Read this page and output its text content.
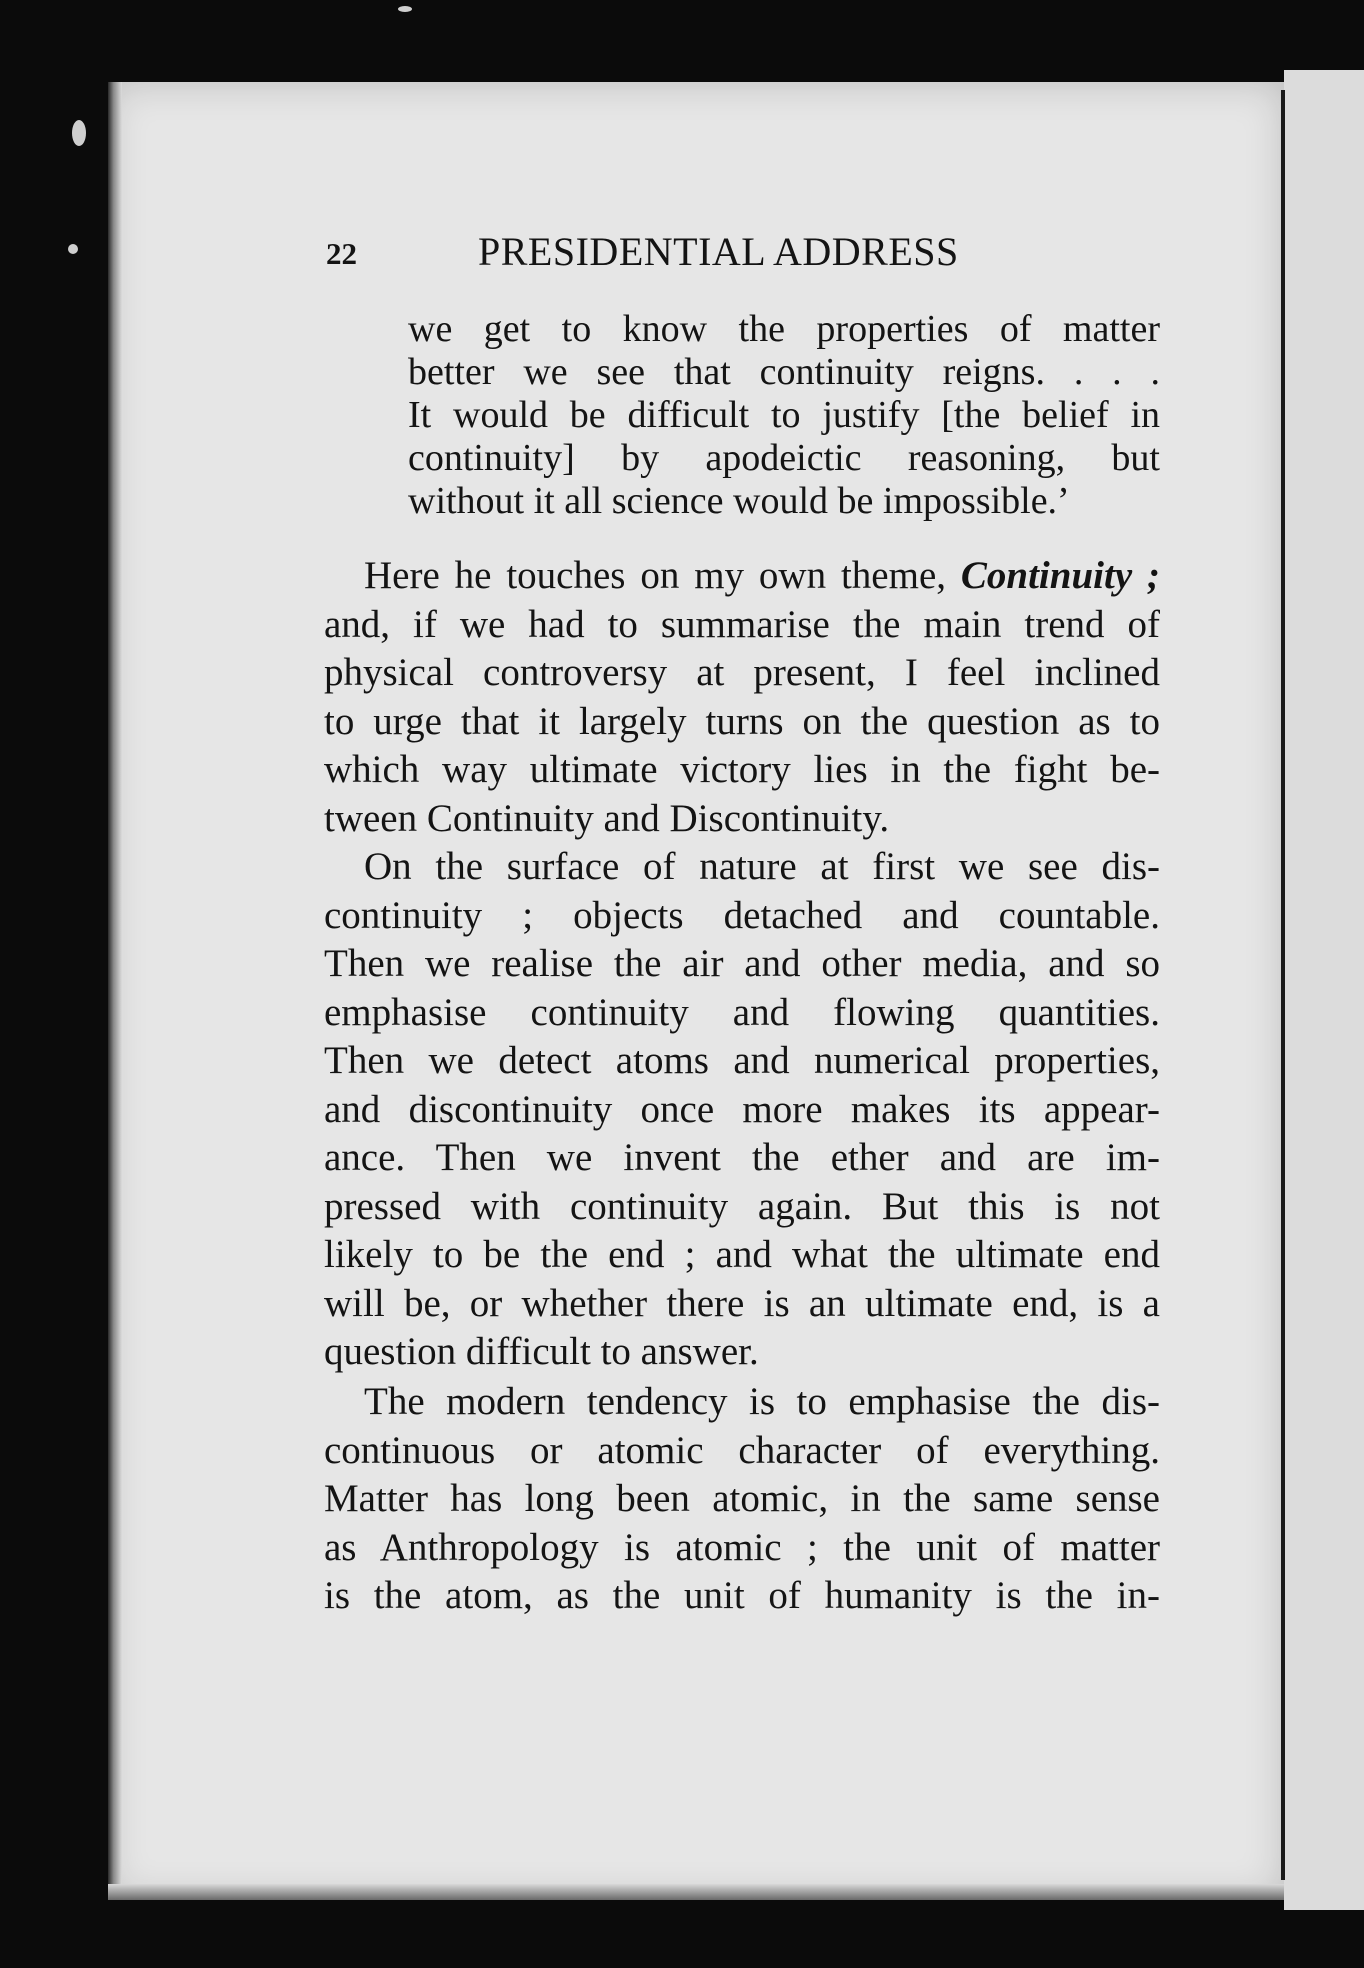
22	PRESIDENTIAL ADDRESS
we get to know the properties of matter
better we see that continuity reigns. . . .
It would be difficult to justify [the belief in
continuity] by apodeictic reasoning, but
without it all science would be impossible.’
Here he touches on my own theme, Continuity ;
and, if we had to summarise the main trend of
physical controversy at present, I feel inclined
to urge that it largely turns on the question as to
which way ultimate victory lies in the fight be-
tween Continuity and Discontinuity.
On the surface of nature at first we see dis-
continuity ; objects detached and countable.
Then we realise the air and other media, and so
emphasise continuity and flowing quantities.
Then we detect atoms and numerical properties,
and discontinuity once more makes its appear-
ance. Then we invent the ether and are im-
pressed with continuity again. But this is not
likely to be the end ; and what the ultimate end
will be, or whether there is an ultimate end, is a
question difficult to answer.
The modern tendency is to emphasise the dis-
continuous or atomic character of everything.
Matter has long been atomic, in the same sense
as Anthropology is atomic ; the unit of matter
is the atom, as the unit of humanity is the in-
